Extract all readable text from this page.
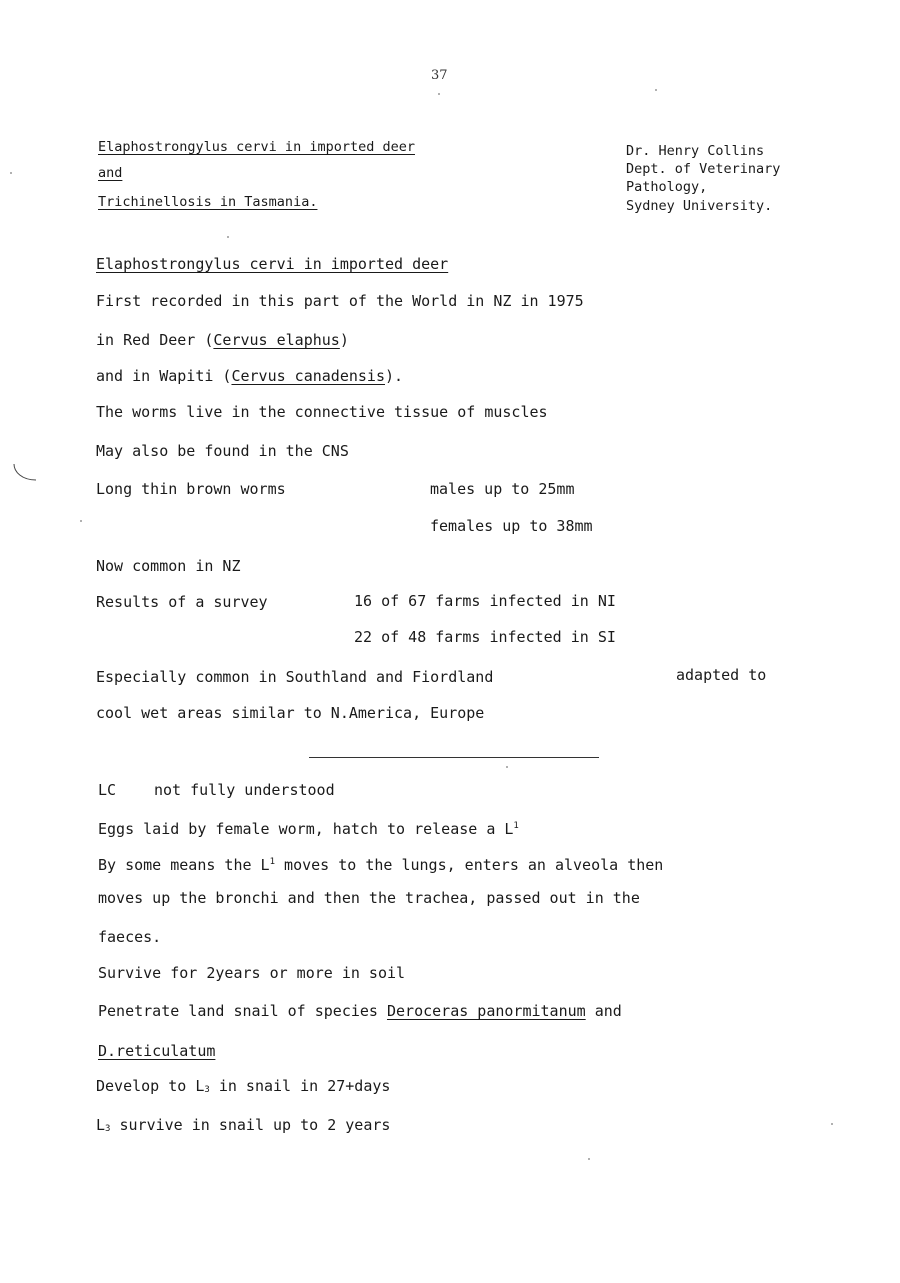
37
Elaphostrongylus cervi in imported deer
and
Trichinellosis in Tasmania.
Dr. Henry Collins
Dept. of Veterinary
Pathology,
Sydney University.
Elaphostrongylus cervi in imported deer
First recorded in this part of the World in NZ in 1975
in Red Deer (Cervus elaphus)
and in Wapiti (Cervus canadensis).
The worms live in the connective tissue of muscles
May also be found in the CNS
Long thin brown worms	males up to 25mm
females up to 38mm
Now common in NZ
Results of a survey	16 of 67 farms infected in NI
22 of 48 farms infected in SI
Especially common in Southland and Fiordland	adapted to
cool wet areas similar to N.America, Europe
LC	not fully understood
Eggs laid by female worm, hatch to release a $L^1$
By some means the $L^1$ moves to the lungs, enters an alveola then
moves up the bronchi and then the trachea, passed out in the
faeces.
Survive for 2years or more in soil
Penetrate land snail of species Deroceras panormitanum and
D.reticulatum
Develop to $L_3$ in snail in 27+days
$L_3$ survive in snail up to 2 years
